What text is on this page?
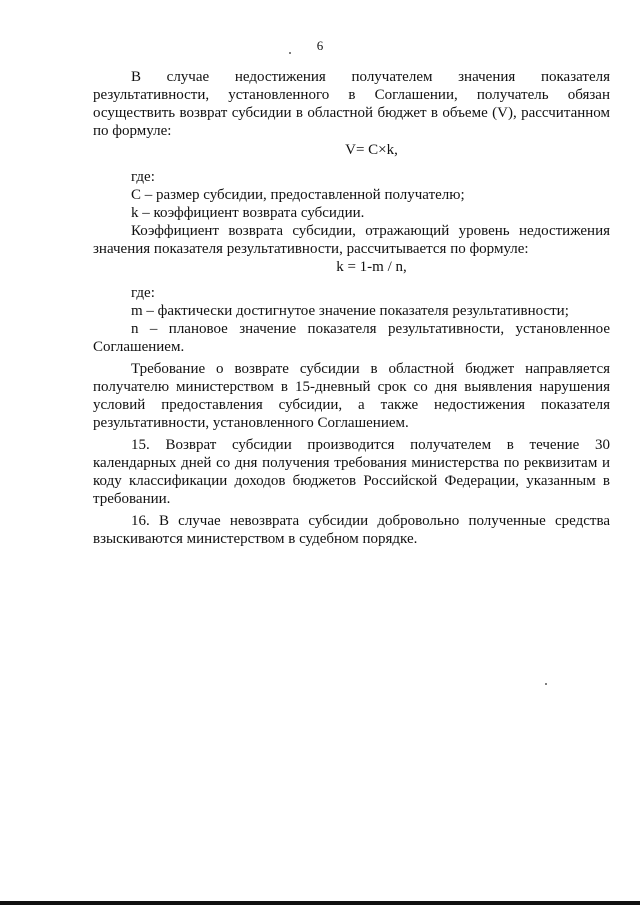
6

В случае недостижения получателем значения показателя результативности, установленного в Соглашении, получатель обязан осуществить возврат субсидии в областной бюджет в объеме (V), рассчитанном по формуле:

V= C×k,

где:

C – размер субсидии, предоставленной получателю;

k – коэффициент возврата субсидии.

Коэффициент возврата субсидии, отражающий уровень недостижения значения показателя результативности, рассчитывается по формуле:

k = 1-m / n,

где:

m – фактически достигнутое значение показателя результативности;

n – плановое значение показателя результативности, установленное Соглашением.

Требование о возврате субсидии в областной бюджет направляется получателю министерством в 15-дневный срок со дня выявления нарушения условий предоставления субсидии, а также недостижения показателя результативности, установленного Соглашением.

15. Возврат субсидии производится получателем в течение 30 календарных дней со дня получения требования министерства по реквизитам и коду классификации доходов бюджетов Российской Федерации, указанным в требовании.

16. В случае невозврата субсидии добровольно полученные средства взыскиваются министерством в судебном порядке.
